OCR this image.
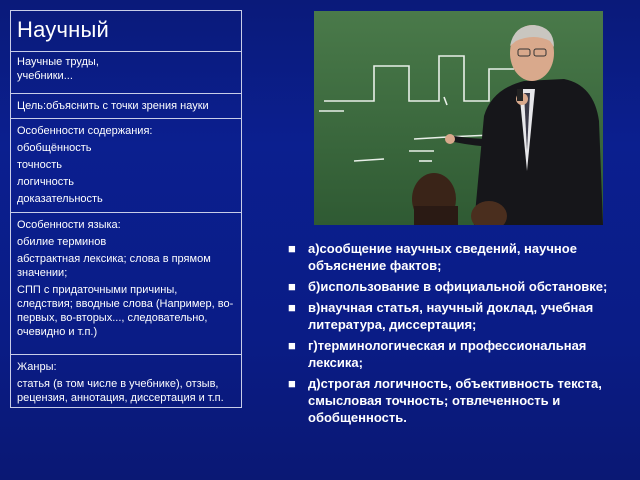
Научный
Научные труды,
учебники...
Цель:объяснить с точки зрения науки
Особенности содержания:
обобщённость
точность
логичность
доказательность
Особенности языка:
обилие терминов
абстрактная лексика; слова в прямом значении;
СПП с придаточными причины, следствия; вводные слова (Например, во-первых, во-вторых..., следовательно, очевидно и т.п.)
Жанры:
статья (в том числе в учебнике), отзыв, рецензия, аннотация, диссертация и т.п.
■ а)сообщение научных сведений, научное объяснение фактов;
■ б)использование в официальной обстановке;
■ в)научная статья, научный доклад, учебная литература, диссертация;
■ г)терминологическая и профессиональная лексика;
■ д)строгая логичность, объективность текста, смысловая точность; отвлеченность и обобщенность.
